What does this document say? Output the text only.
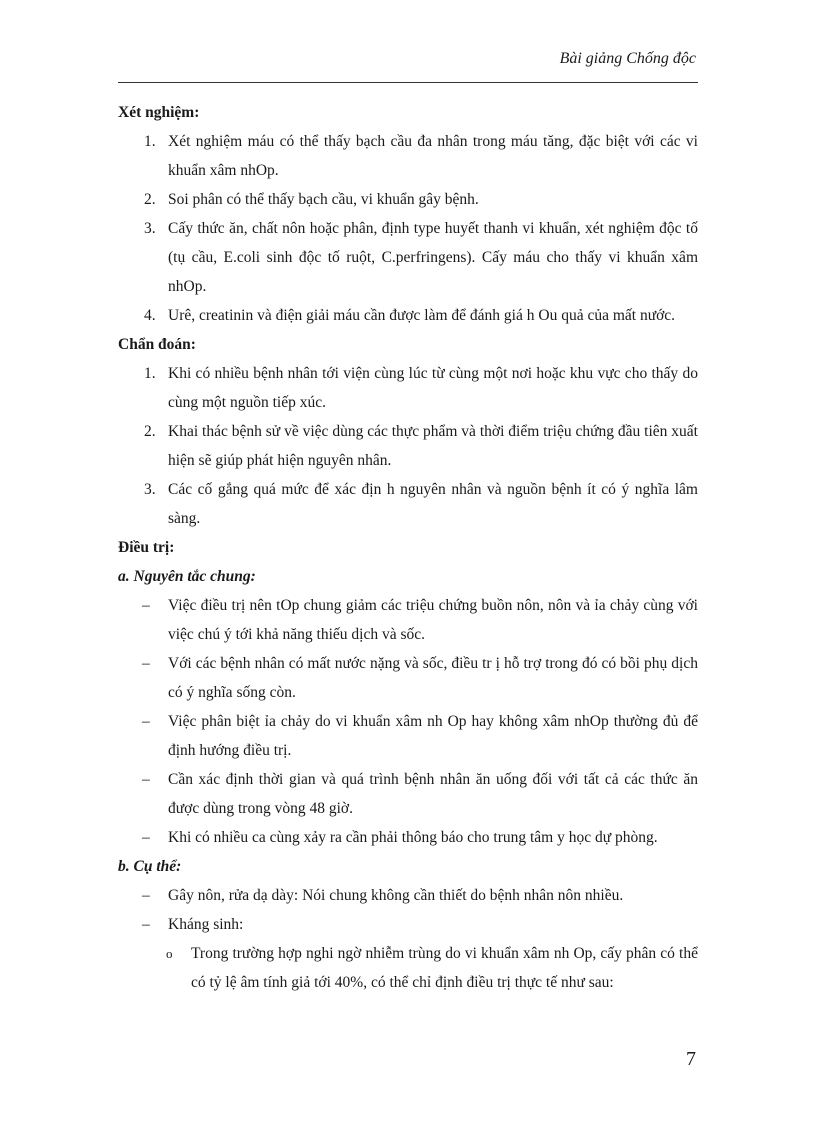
Bài giảng Chống độc

Xét nghiệm:

1. Xét nghiệm máu có thể thấy bạch cầu đa nhân trong máu tăng, đặc biệt với các vi khuẩn xâm nhOp.
2. Soi phân có thể thấy bạch cầu, vi khuẩn gây bệnh.
3. Cấy thức ăn, chất nôn hoặc phân, định type huyết thanh vi khuẩn, xét nghiệm độc tố (tụ cầu, E.coli sinh độc tố ruột, C.perfringens). Cấy máu cho thấy vi khuẩn xâm nhOp.
4. Urê, creatinin và điện giải máu cần được làm để đánh giá h Ou quả của mất nước.

Chẩn đoán:

1. Khi có nhiều bệnh nhân tới viện cùng lúc từ cùng một nơi hoặc khu vực cho thấy do cùng một nguồn tiếp xúc.
2. Khai thác bệnh sử về việc dùng các thực phẩm và thời điểm triệu chứng đầu tiên xuất hiện sẽ giúp phát hiện nguyên nhân.
3. Các cố gắng quá mức để xác địn h nguyên nhân và nguồn bệnh ít có ý nghĩa lâm sàng.

Điều trị:

a. Nguyên tắc chung:

– Việc điều trị nên tOp chung giảm các triệu chứng buồn nôn, nôn và ỉa chảy cùng với việc chú ý tới khả năng thiếu dịch và sốc.
– Với các bệnh nhân có mất nước nặng và sốc, điều tr ị hỗ trợ trong đó có bồi phụ dịch có ý nghĩa sống còn.
– Việc phân biệt ỉa chảy do vi khuẩn xâm nh Op hay không xâm nhOp thường đủ để định hướng điều trị.
– Cần xác định thời gian và quá trình bệnh nhân ăn uống đối với tất cả các thức ăn được dùng trong vòng 48 giờ.
– Khi có nhiều ca cùng xảy ra cần phải thông báo cho trung tâm y học dự phòng.

b. Cụ thể:

– Gây nôn, rửa dạ dày: Nói chung không cần thiết do bệnh nhân nôn nhiều.
– Kháng sinh:
o Trong trường hợp nghi ngờ nhiễm trùng do vi khuẩn xâm nh Op, cấy phân có thể có tỷ lệ âm tính giả tới 40%, có thể chỉ định điều trị thực tế như sau:
7
